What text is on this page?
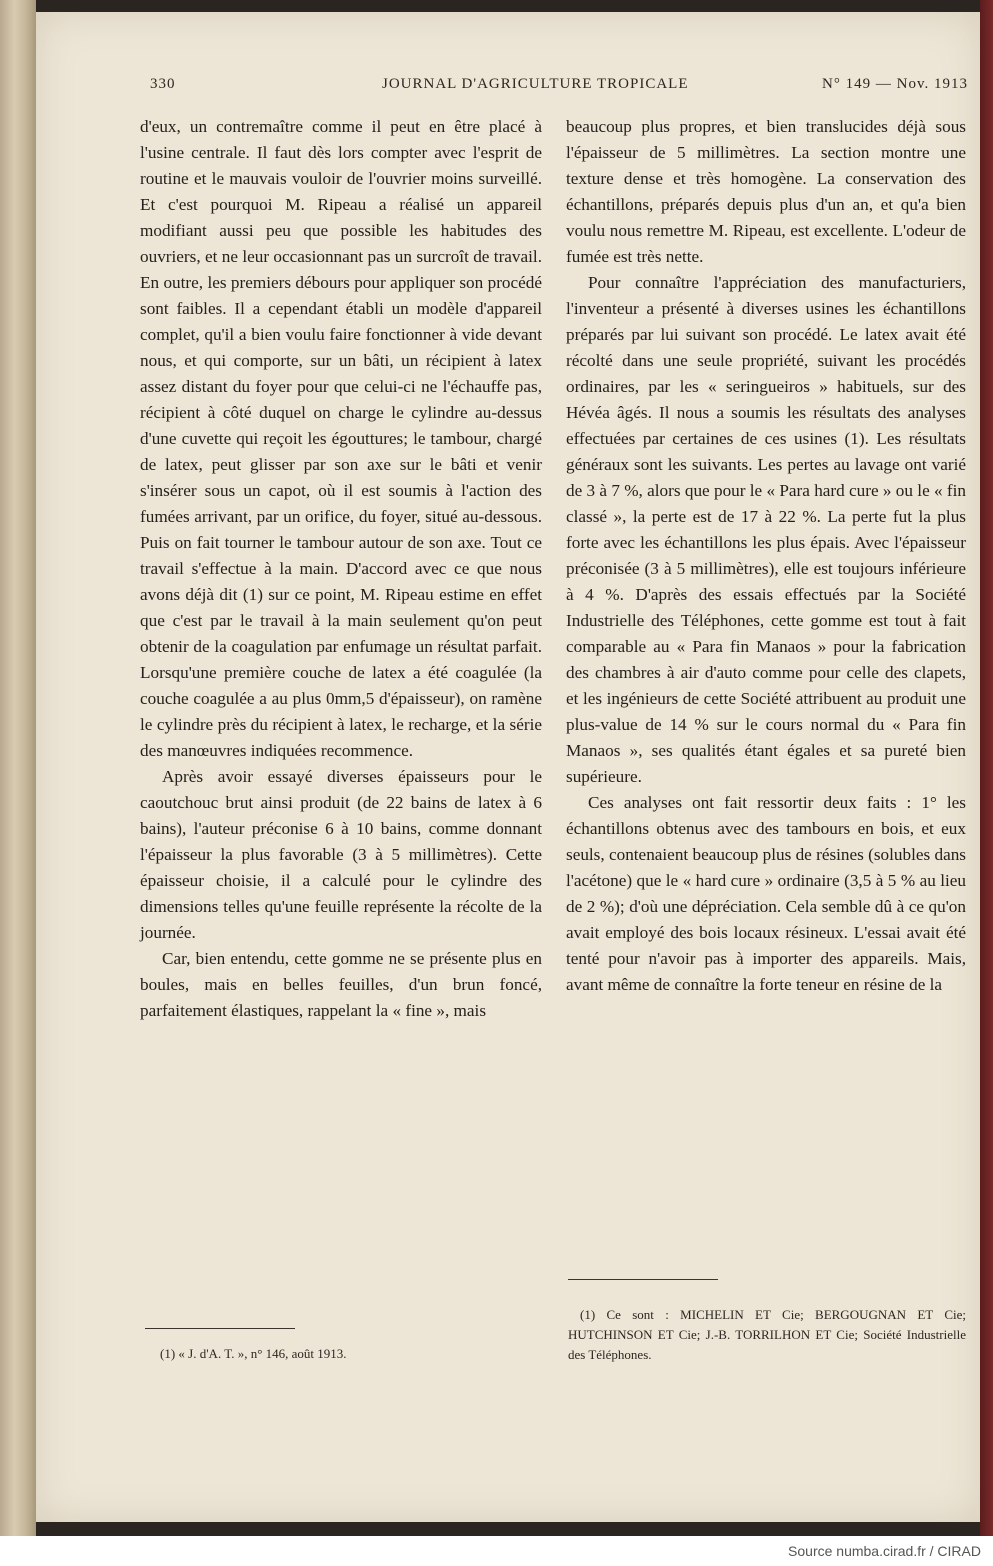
330	JOURNAL D'AGRICULTURE TROPICALE	N° 149 — Nov. 1913

d'eux, un contremaître comme il peut en être placé à l'usine centrale. Il faut dès lors compter avec l'esprit de routine et le mauvais vouloir de l'ouvrier moins surveillé. Et c'est pourquoi M. Ripeau a réalisé un appareil modifiant aussi peu que possible les habitudes des ouvriers, et ne leur occasionnant pas un surcroît de travail. En outre, les premiers débours pour appliquer son procédé sont faibles. Il a cependant établi un modèle d'appareil complet, qu'il a bien voulu faire fonctionner à vide devant nous, et qui comporte, sur un bâti, un récipient à latex assez distant du foyer pour que celui-ci ne l'échauffe pas, récipient à côté duquel on charge le cylindre au-dessus d'une cuvette qui reçoit les égouttures; le tambour, chargé de latex, peut glisser par son axe sur le bâti et venir s'insérer sous un capot, où il est soumis à l'action des fumées arrivant, par un orifice, du foyer, situé au-dessous. Puis on fait tourner le tambour autour de son axe. Tout ce travail s'effectue à la main. D'accord avec ce que nous avons déjà dit (1) sur ce point, M. Ripeau estime en effet que c'est par le travail à la main seulement qu'on peut obtenir de la coagulation par enfumage un résultat parfait. Lorsqu'une première couche de latex a été coagulée (la couche coagulée a au plus 0mm,5 d'épaisseur), on ramène le cylindre près du récipient à latex, le recharge, et la série des manœuvres indiquées recommence.

Après avoir essayé diverses épaisseurs pour le caoutchouc brut ainsi produit (de 22 bains de latex à 6 bains), l'auteur préconise 6 à 10 bains, comme donnant l'épaisseur la plus favorable (3 à 5 millimètres). Cette épaisseur choisie, il a calculé pour le cylindre des dimensions telles qu'une feuille représente la récolte de la journée.

Car, bien entendu, cette gomme ne se présente plus en boules, mais en belles feuilles, d'un brun foncé, parfaitement élastiques, rappelant la « fine », mais

beaucoup plus propres, et bien translucides déjà sous l'épaisseur de 5 millimètres. La section montre une texture dense et très homogène. La conservation des échantillons, préparés depuis plus d'un an, et qu'a bien voulu nous remettre M. Ripeau, est excellente. L'odeur de fumée est très nette.

Pour connaître l'appréciation des manufacturiers, l'inventeur a présenté à diverses usines les échantillons préparés par lui suivant son procédé. Le latex avait été récolté dans une seule propriété, suivant les procédés ordinaires, par les « seringueiros » habituels, sur des Hévéa âgés. Il nous a soumis les résultats des analyses effectuées par certaines de ces usines (1). Les résultats généraux sont les suivants. Les pertes au lavage ont varié de 3 à 7 %, alors que pour le « Para hard cure » ou le « fin classé », la perte est de 17 à 22 %. La perte fut la plus forte avec les échantillons les plus épais. Avec l'épaisseur préconisée (3 à 5 millimètres), elle est toujours inférieure à 4 %. D'après des essais effectués par la Société Industrielle des Téléphones, cette gomme est tout à fait comparable au « Para fin Manaos » pour la fabrication des chambres à air d'auto comme pour celle des clapets, et les ingénieurs de cette Société attribuent au produit une plus-value de 14 % sur le cours normal du « Para fin Manaos », ses qualités étant égales et sa pureté bien supérieure.

Ces analyses ont fait ressortir deux faits : 1° les échantillons obtenus avec des tambours en bois, et eux seuls, contenaient beaucoup plus de résines (solubles dans l'acétone) que le « hard cure » ordinaire (3,5 à 5 % au lieu de 2 %); d'où une dépréciation. Cela semble dû à ce qu'on avait employé des bois locaux résineux. L'essai avait été tenté pour n'avoir pas à importer des appareils. Mais, avant même de connaître la forte teneur en résine de la

(1) « J. d'A. T. », n° 146, août 1913.
(1) Ce sont : MICHELIN ET Cie; BERGOUGNAN ET Cie; HUTCHINSON ET Cie; J.-B. TORRILHON ET Cie; Société Industrielle des Téléphones.
Source numba.cirad.fr / CIRAD
